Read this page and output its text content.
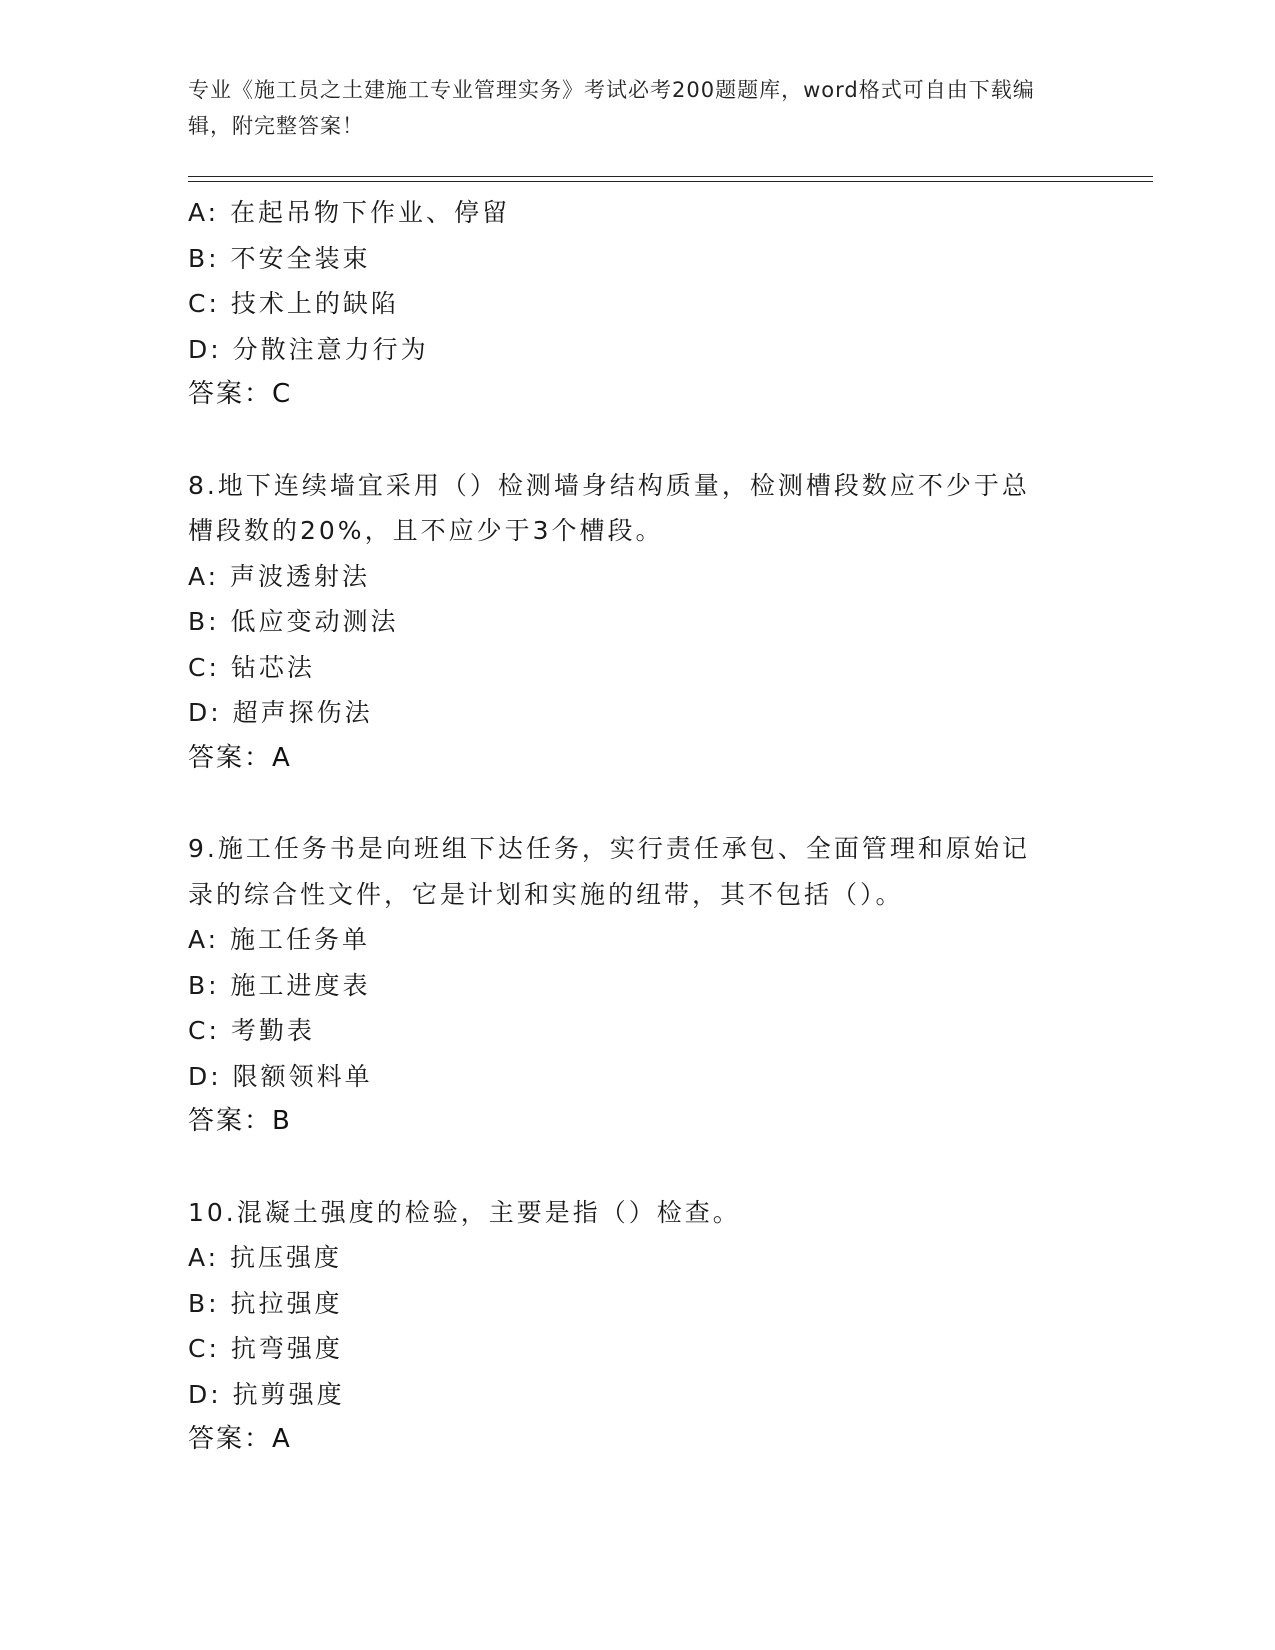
专业《施工员之土建施工专业管理实务》考试必考200题题库，word格式可自由下载编辑，附完整答案！
A: 在起吊物下作业、停留
B: 不安全装束
C: 技术上的缺陷
D: 分散注意力行为
答案：C
8.地下连续墙宜采用（）检测墙身结构质量，检测槽段数应不少于总
槽段数的20%，且不应少于3个槽段。
A: 声波透射法
B: 低应变动测法
C: 钻芯法
D: 超声探伤法
答案：A
9.施工任务书是向班组下达任务，实行责任承包、全面管理和原始记
录的综合性文件，它是计划和实施的纽带，其不包括（）。
A: 施工任务单
B: 施工进度表
C: 考勤表
D: 限额领料单
答案：B
10.混凝土强度的检验，主要是指（）检查。
A: 抗压强度
B: 抗拉强度
C: 抗弯强度
D: 抗剪强度
答案：A
